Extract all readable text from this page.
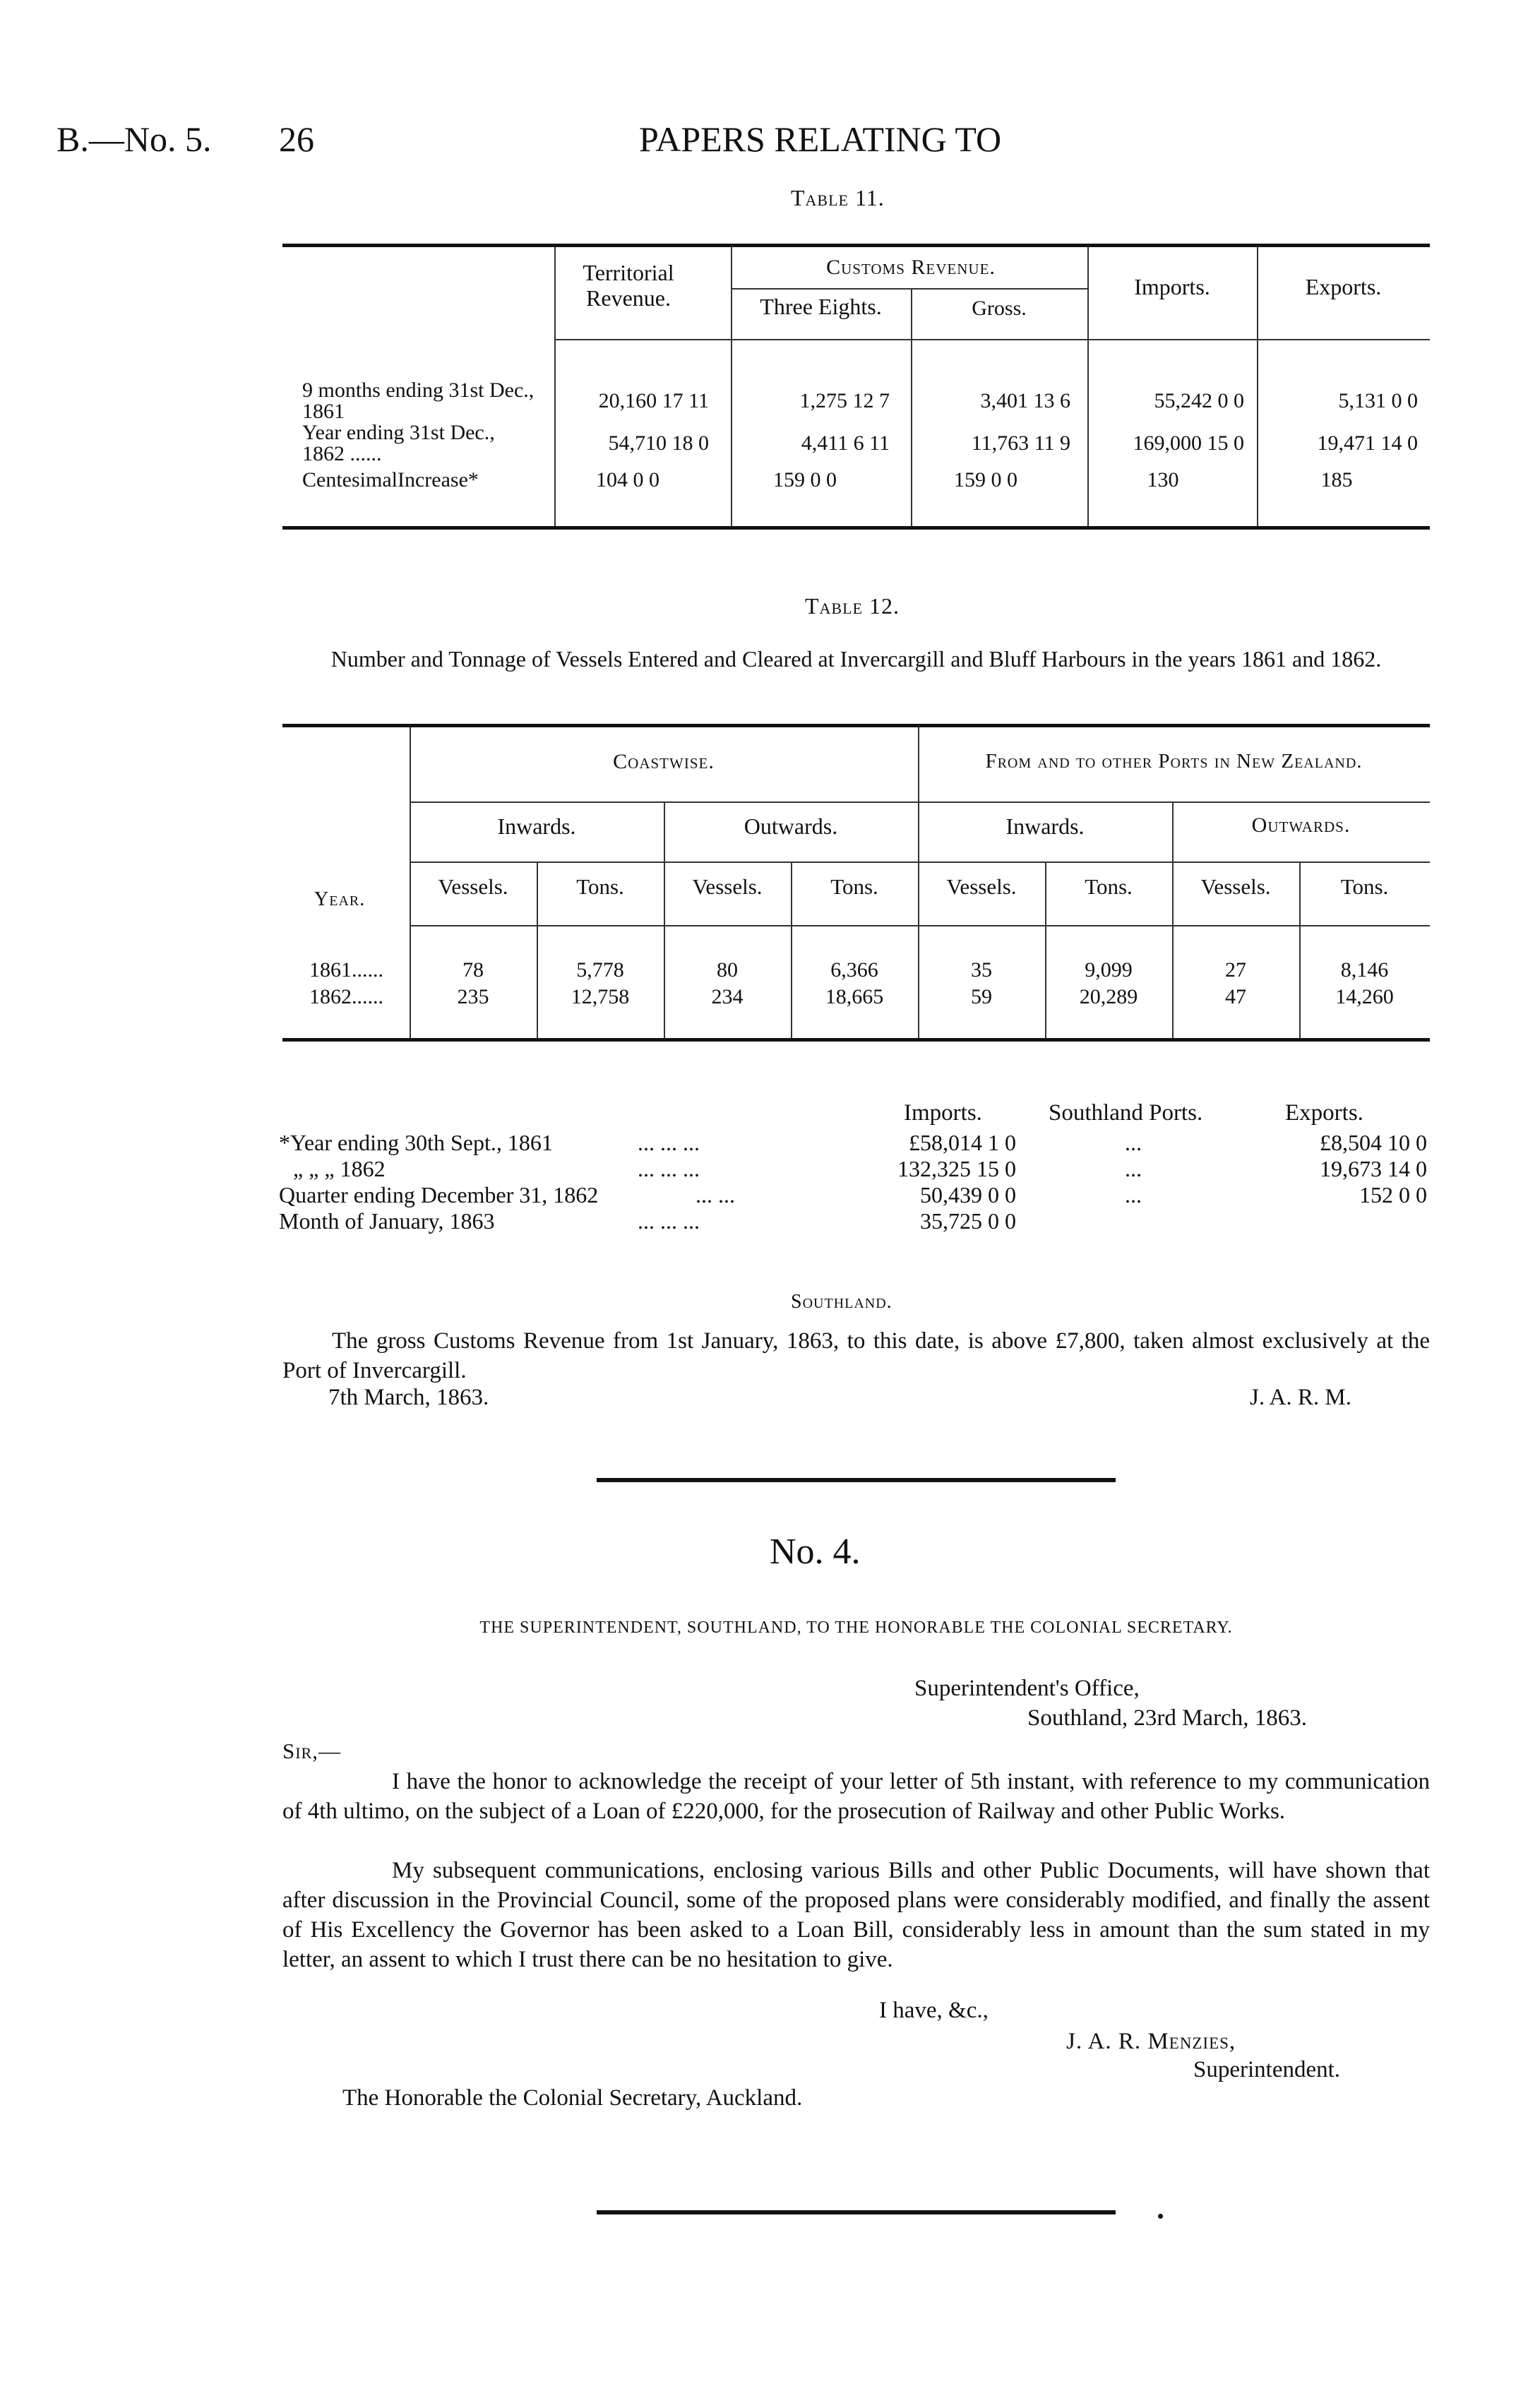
B.—No. 5. 26	PAPERS RELATING TO
Table 11.
Territorial Revenue.
Customs Revenue.
Three Eights.	Gross.
Imports.	Exports.
9 months ending 31st Dec., 1861	20,160 17 11	1,275 12 7	3,401 13 6	55,242 0 0	5,131 0 0
Year ending 31st Dec., 1862 ......	54,710 18 0	4,411 6 11	11,763 11 9	169,000 15 0	19,471 14 0
CentesimalIncrease*	104 0 0	159 0 0	159 0 0	130	185
Table 12.
Number and Tonnage of Vessels Entered and Cleared at Invercargill and Bluff Harbours in the years 1861 and 1862.
Coastwise.	From and to other Ports in New Zealand.
Inwards.	Outwards.	Inwards.	Outwards.
Year.
Vessels.	Tons.	Vessels.	Tons.	Vessels.	Tons.	Vessels.	Tons.
1861......	78	5,778	80	6,366	35	9,099	27	8,146
1862......	235	12,758	234	18,665	59	20,289	47	14,260
Imports.	Southland Ports.	Exports.
*Year ending 30th Sept., 1861	... ... ...	£58,014 1 0	...	£8,504 10 0
„ „ „ 1862	... ... ...	132,325 15 0	...	19,673 14 0
Quarter ending December 31, 1862	... ...	50,439 0 0	...	152 0 0
Month of January, 1863	... ... ...	35,725 0 0		
Southland.
The gross Customs Revenue from 1st January, 1863, to this date, is above £7,800, taken almost exclusively at the Port of Invercargill.
7th March, 1863.	J. A. R. M.
No. 4.
THE SUPERINTENDENT, SOUTHLAND, TO THE HONORABLE THE COLONIAL SECRETARY.
Superintendent's Office,
Southland, 23rd March, 1863.
Sir,—
I have the honor to acknowledge the receipt of your letter of 5th instant, with reference to my communication of 4th ultimo, on the subject of a Loan of £220,000, for the prosecution of Railway and other Public Works.
My subsequent communications, enclosing various Bills and other Public Documents, will have shown that after discussion in the Provincial Council, some of the proposed plans were considerably modified, and finally the assent of His Excellency the Governor has been asked to a Loan Bill, considerably less in amount than the sum stated in my letter, an assent to which I trust there can be no hesitation to give.
I have, &c.,
J. A. R. Menzies,
Superintendent.
The Honorable the Colonial Secretary, Auckland.
